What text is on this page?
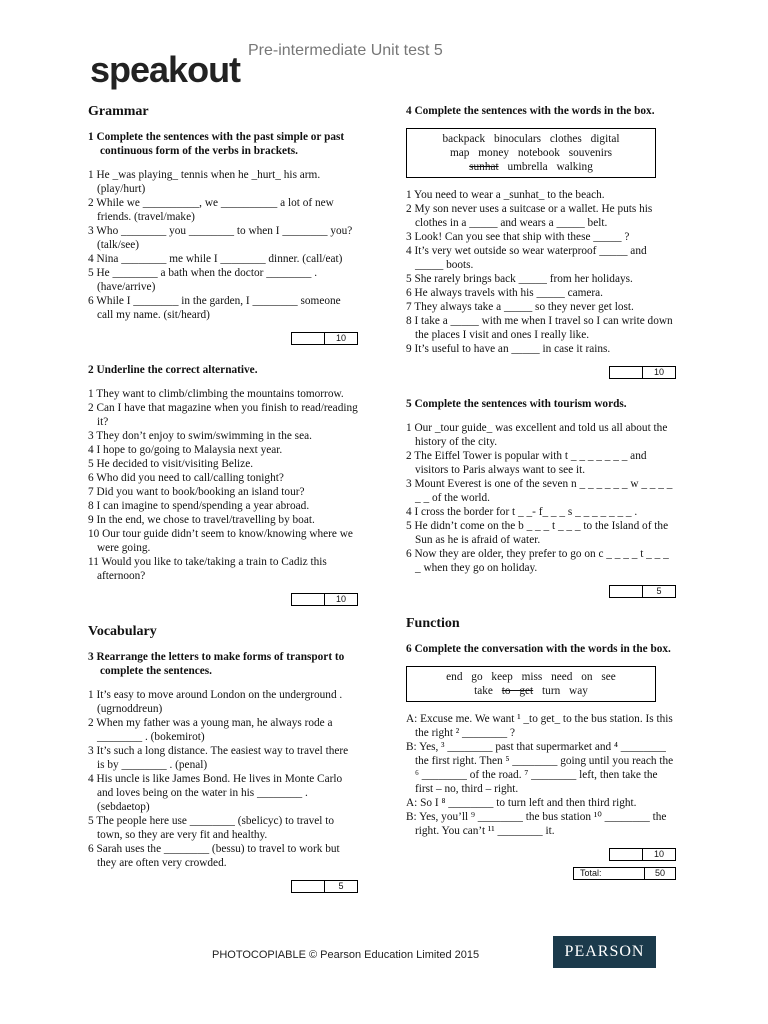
speakout Pre-intermediate Unit test 5
Grammar
1 Complete the sentences with the past simple or past continuous form of the verbs in brackets.

1 He _was playing_ tennis when he _hurt_ his arm. (play/hurt)

2 While we __________, we __________ a lot of new friends. (travel/make)

3 Who ________ you ________ to when I ________ you? (talk/see)

4 Nina ________ me while I ________ dinner. (call/eat)

5 He ________ a bath when the doctor ________ . (have/arrive)

6 While I ________ in the garden, I ________ someone call my name. (sit/heard)

10
2 Underline the correct alternative.

1 They want to climb/climbing the mountains tomorrow.

2 Can I have that magazine when you finish to read/reading it?

3 They don’t enjoy to swim/swimming in the sea.

4 I hope to go/going to Malaysia next year.

5 He decided to visit/visiting Belize.

6 Who did you need to call/calling tonight?

7 Did you want to book/booking an island tour?

8 I can imagine to spend/spending a year abroad.

9 In the end, we chose to travel/travelling by boat.

10 Our tour guide didn’t seem to know/knowing where we were going.

11 Would you like to take/taking a train to Cadiz this afternoon?

10
Vocabulary
3 Rearrange the letters to make forms of transport to complete the sentences.

1 It’s easy to move around London on the underground . (ugrnoddreun)

2 When my father was a young man, he always rode a ________ . (bokemirot)

3 It’s such a long distance. The easiest way to travel there is by ________ . (penal)

4 His uncle is like James Bond. He lives in Monte Carlo and loves being on the water in his ________ . (sebdaetop)

5 The people here use ________ (sbelicyc) to travel to town, so they are very fit and healthy.

6 Sarah uses the ________ (bessu) to travel to work but they are often very crowded.

5
4 Complete the sentences with the words in the box.
backpack binoculars clothes digital
map money notebook souvenirs
sunhat umbrella walking

1 You need to wear a _sunhat_ to the beach.

2 My son never uses a suitcase or a wallet. He puts his clothes in a _____ and wears a _____ belt.

3 Look! Can you see that ship with these _____ ?

4 It’s very wet outside so wear waterproof _____ and _____ boots.

5 She rarely brings back _____ from her holidays.

6 He always travels with his _____ camera.

7 They always take a _____ so they never get lost.

8 I take a _____ with me when I travel so I can write down the places I visit and ones I really like.

9 It’s useful to have an _____ in case it rains.

10
5 Complete the sentences with tourism words.

1 Our _tour guide_ was excellent and told us all about the history of the city.

2 The Eiffel Tower is popular with t _ _ _ _ _ _ _ and visitors to Paris always want to see it.

3 Mount Everest is one of the seven n _ _ _ _ _ _ w _ _ _ _ _ _ of the world.

4 I cross the border for t _ _- f_ _ _ s _ _ _ _ _ _ _ .

5 He didn’t come on the b _ _ _ t _ _ _ to the Island of the Sun as he is afraid of water.

6 Now they are older, they prefer to go on c _ _ _ _ t _ _ _ _ when they go on holiday.

5
Function
6 Complete the conversation with the words in the box.
end go keep miss need on see
take to get turn way

A: Excuse me. We want ¹ _to get_ to the bus station. Is this the right ² ________ ?

B: Yes, ³ ________ past that supermarket and ⁴ ________ the first right. Then ⁵ ________ going until you reach the ⁶ ________ of the road. ⁷ ________ left, then take the first – no, third – right.

A: So I ⁸ ________ to turn left and then third right.

B: Yes, you’ll ⁹ ________ the bus station ¹⁰ ________ the right. You can’t ¹¹ ________ it.

10
Total:	50
PHOTOCOPIABLE © Pearson Education Limited 2015	PEARSON
